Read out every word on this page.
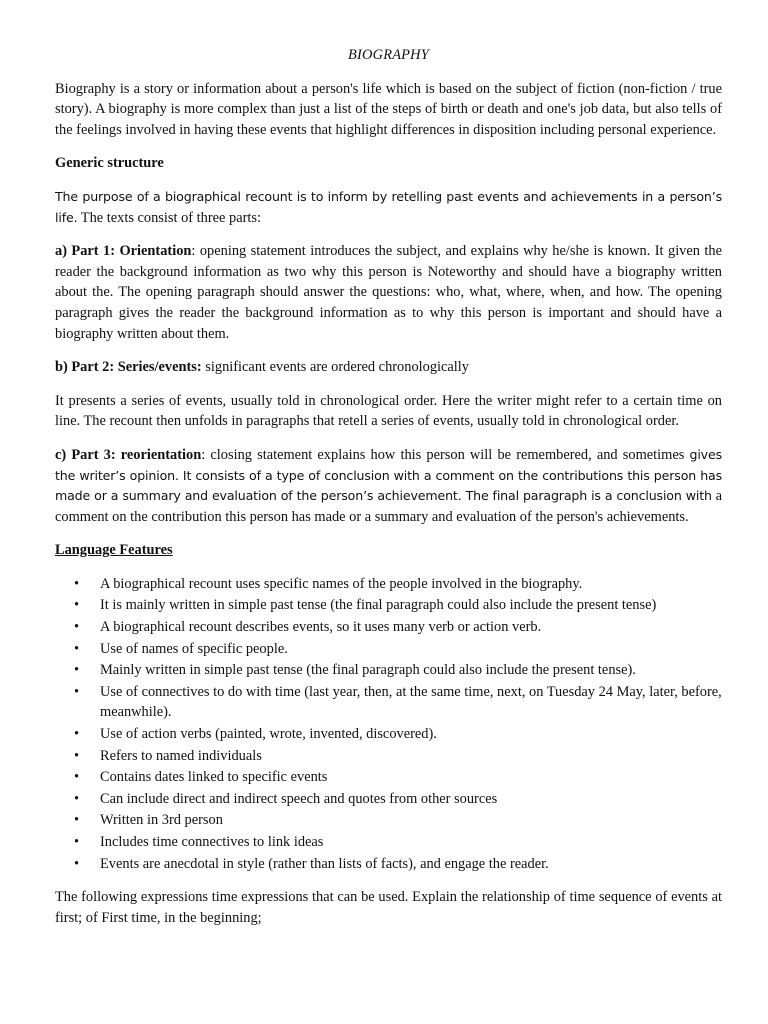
BIOGRAPHY

Biography is a story or information about a person's life which is based on the subject of fiction (non-fiction / true story). A biography is more complex than just a list of the steps of birth or death and one's job data, but also tells of the feelings involved in having these events that highlight differences in disposition including personal experience.

Generic structure

The purpose of a biographical recount is to inform by retelling past events and achievements in a person’s life. The texts consist of three parts:

a) Part 1: Orientation: opening statement introduces the subject, and explains why he/she is known. It given the reader the background information as two why this person is Noteworthy and should have a biography written about the. The opening paragraph should answer the questions: who, what, where, when, and how. The opening paragraph gives the reader the background information as to why this person is important and should have a biography written about them.

b) Part 2: Series/events: significant events are ordered chronologically

It presents a series of events, usually told in chronological order. Here the writer might refer to a certain time on line. The recount then unfolds in paragraphs that retell a series of events, usually told in chronological order.

c) Part 3: reorientation: closing statement explains how this person will be remembered, and sometimes gives the writer’s opinion. It consists of a type of conclusion with a comment on the contributions this person has made or a summary and evaluation of the person’s achievement. The final paragraph is a conclusion with a comment on the contribution this person has made or a summary and evaluation of the person's achievements.

Language Features
• A biographical recount uses specific names of the people involved in the biography.
• It is mainly written in simple past tense (the final paragraph could also include the present tense)
• A biographical recount describes events, so it uses many verb or action verb.
• Use of names of specific people.
• Mainly written in simple past tense (the final paragraph could also include the present tense).
• Use of connectives to do with time (last year, then, at the same time, next, on Tuesday 24 May, later, before, meanwhile).
• Use of action verbs (painted, wrote, invented, discovered).
• Refers to named individuals
• Contains dates linked to specific events
• Can include direct and indirect speech and quotes from other sources
• Written in 3rd person
• Includes time connectives to link ideas
• Events are anecdotal in style (rather than lists of facts), and engage the reader.

The following expressions time expressions that can be used. Explain the relationship of time sequence of events at first; of First time, in the beginning;
